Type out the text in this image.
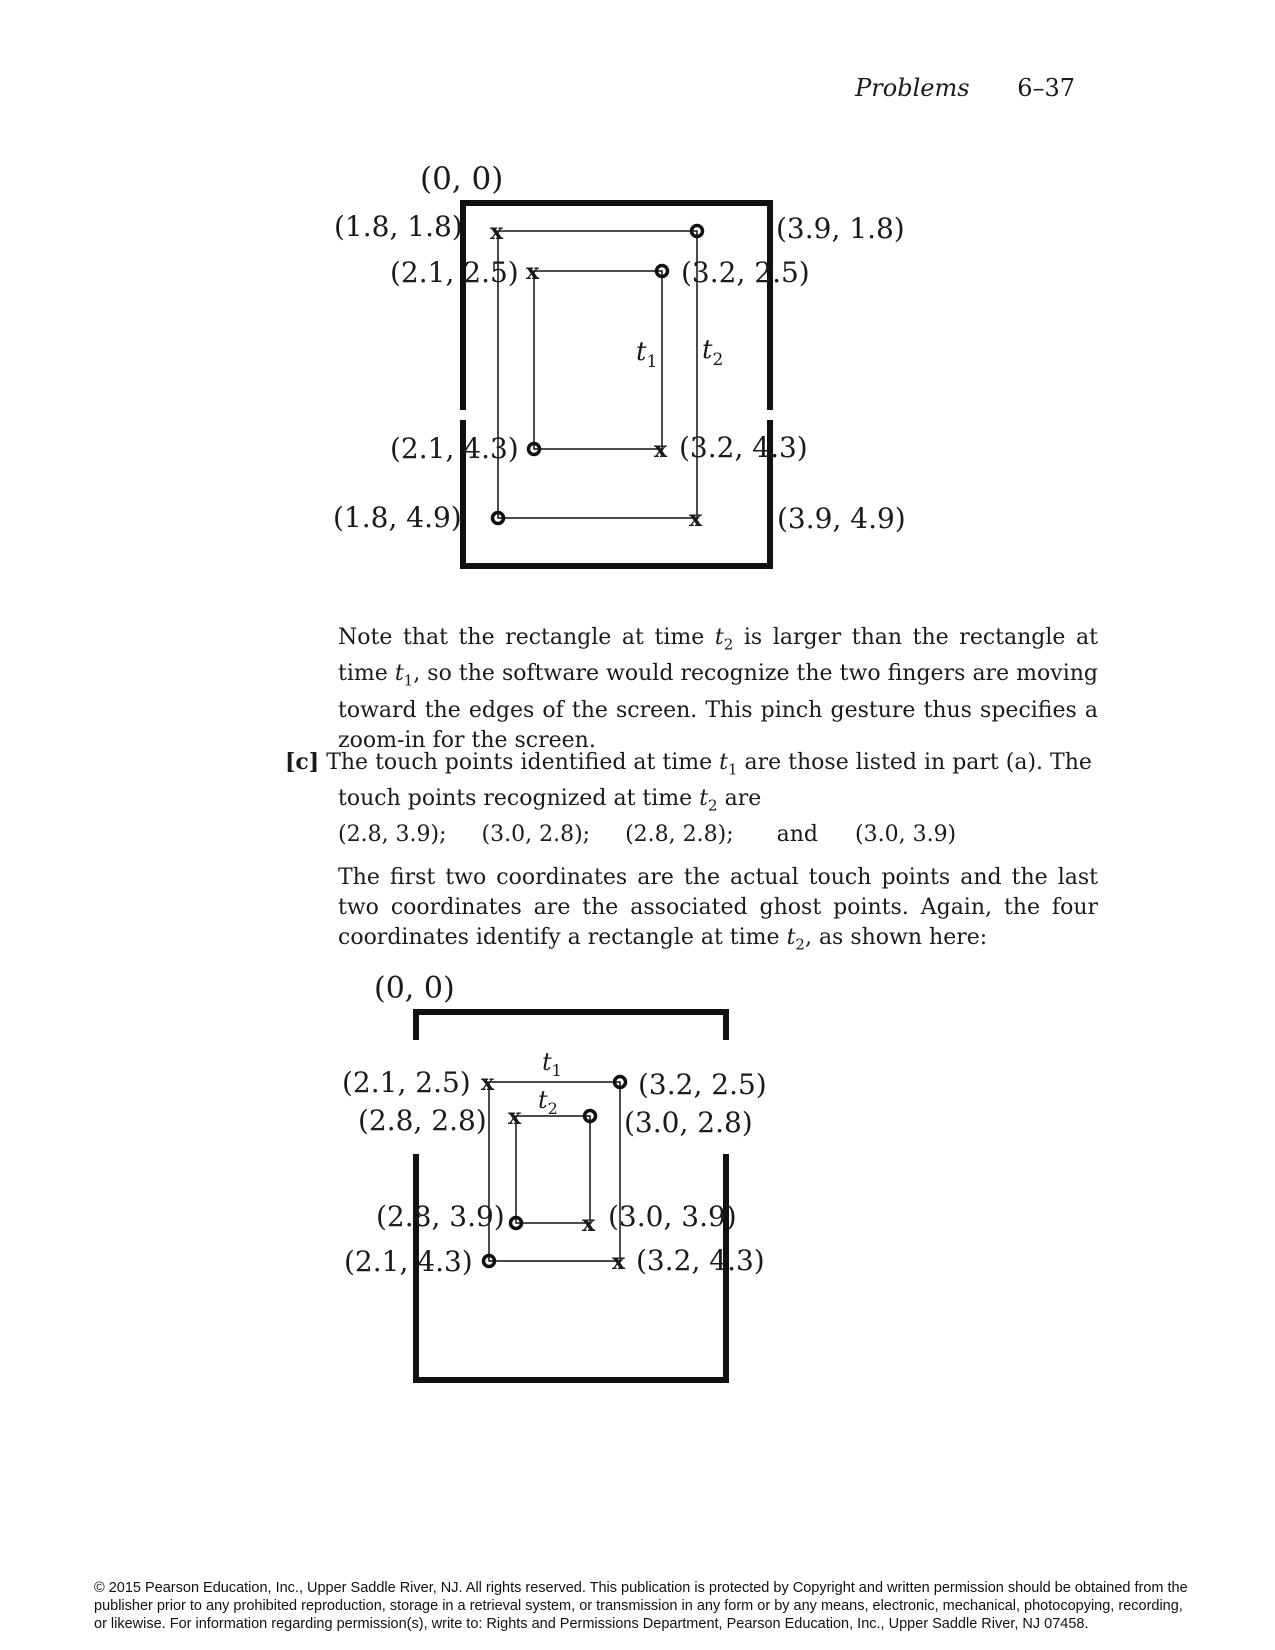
Problems 6–37
(0, 0)
x
x
x
x
(1.8, 1.8)	(3.9, 1.8)
(2.1, 2.5)	(3.2, 2.5)
(2.1, 4.3)	(3.2, 4.3)
(1.8, 4.9)	(3.9, 4.9)
$t_1$ $t_2$
Note that the rectangle at time $t_2$ is larger than the rectangle at time $t_1$, so the software would recognize the two fingers are moving toward the edges of the screen. This pinch gesture thus specifies a zoom-in for the screen.
[c] The touch points identified at time $t_1$ are those listed in part (a). The touch points recognized at time $t_2$ are
(2.8, 3.9); (3.0, 2.8); (2.8, 2.8); and (3.0, 3.9)
The first two coordinates are the actual touch points and the last two coordinates are the associated ghost points. Again, the four coordinates identify a rectangle at time $t_2$, as shown here:
(0, 0)
x
x
x
x
(2.1, 2.5)	(3.2, 2.5)
(2.8, 2.8)	(3.0, 2.8)
(2.8, 3.9)	(3.0, 3.9)
(2.1, 4.3)	(3.2, 4.3)
$t_1$
$t_2$
© 2015 Pearson Education, Inc., Upper Saddle River, NJ. All rights reserved. This publication is protected by Copyright and written permission should be obtained from the publisher prior to any prohibited reproduction, storage in a retrieval system, or transmission in any form or by any means, electronic, mechanical, photocopying, recording, or likewise. For information regarding permission(s), write to: Rights and Permissions Department, Pearson Education, Inc., Upper Saddle River, NJ 07458.
